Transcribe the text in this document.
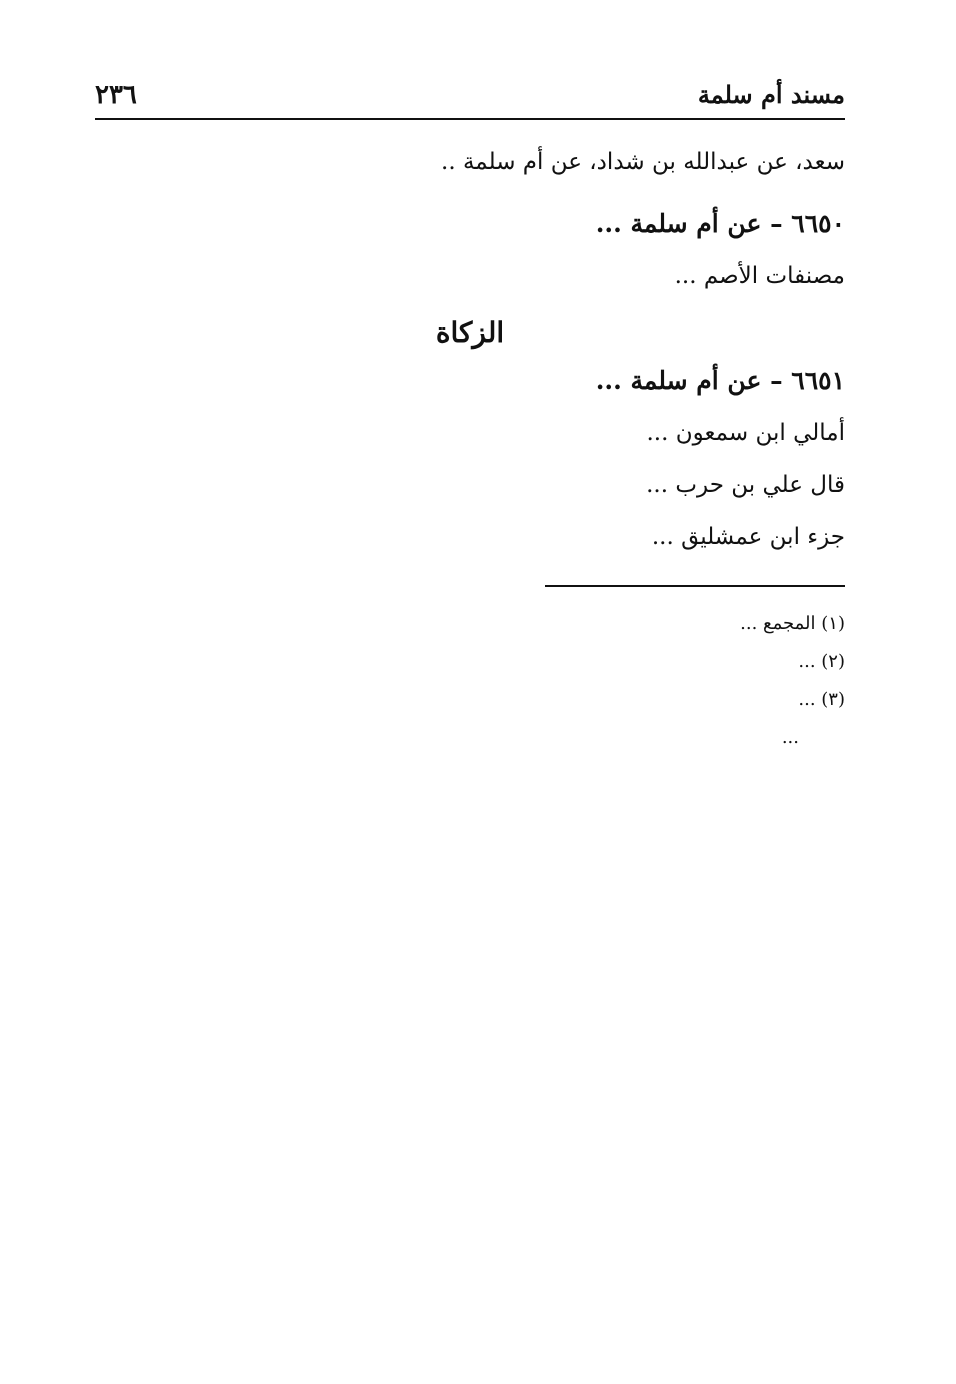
مسند أم سلمة
٢٣٦

سعد، عن عبدالله بن شداد، عن أم سلمة ..

٦٦٥٠ – عن أم سلمة ...

مصنفات الأصم ...

الزكاة

٦٦٥١ – عن أم سلمة ...

أمالي ابن سمعون ...

قال علي بن حرب ...

جزء ابن عمشليق ...

(١) المجمع ...

(٢) ...

(٣) ...

...
